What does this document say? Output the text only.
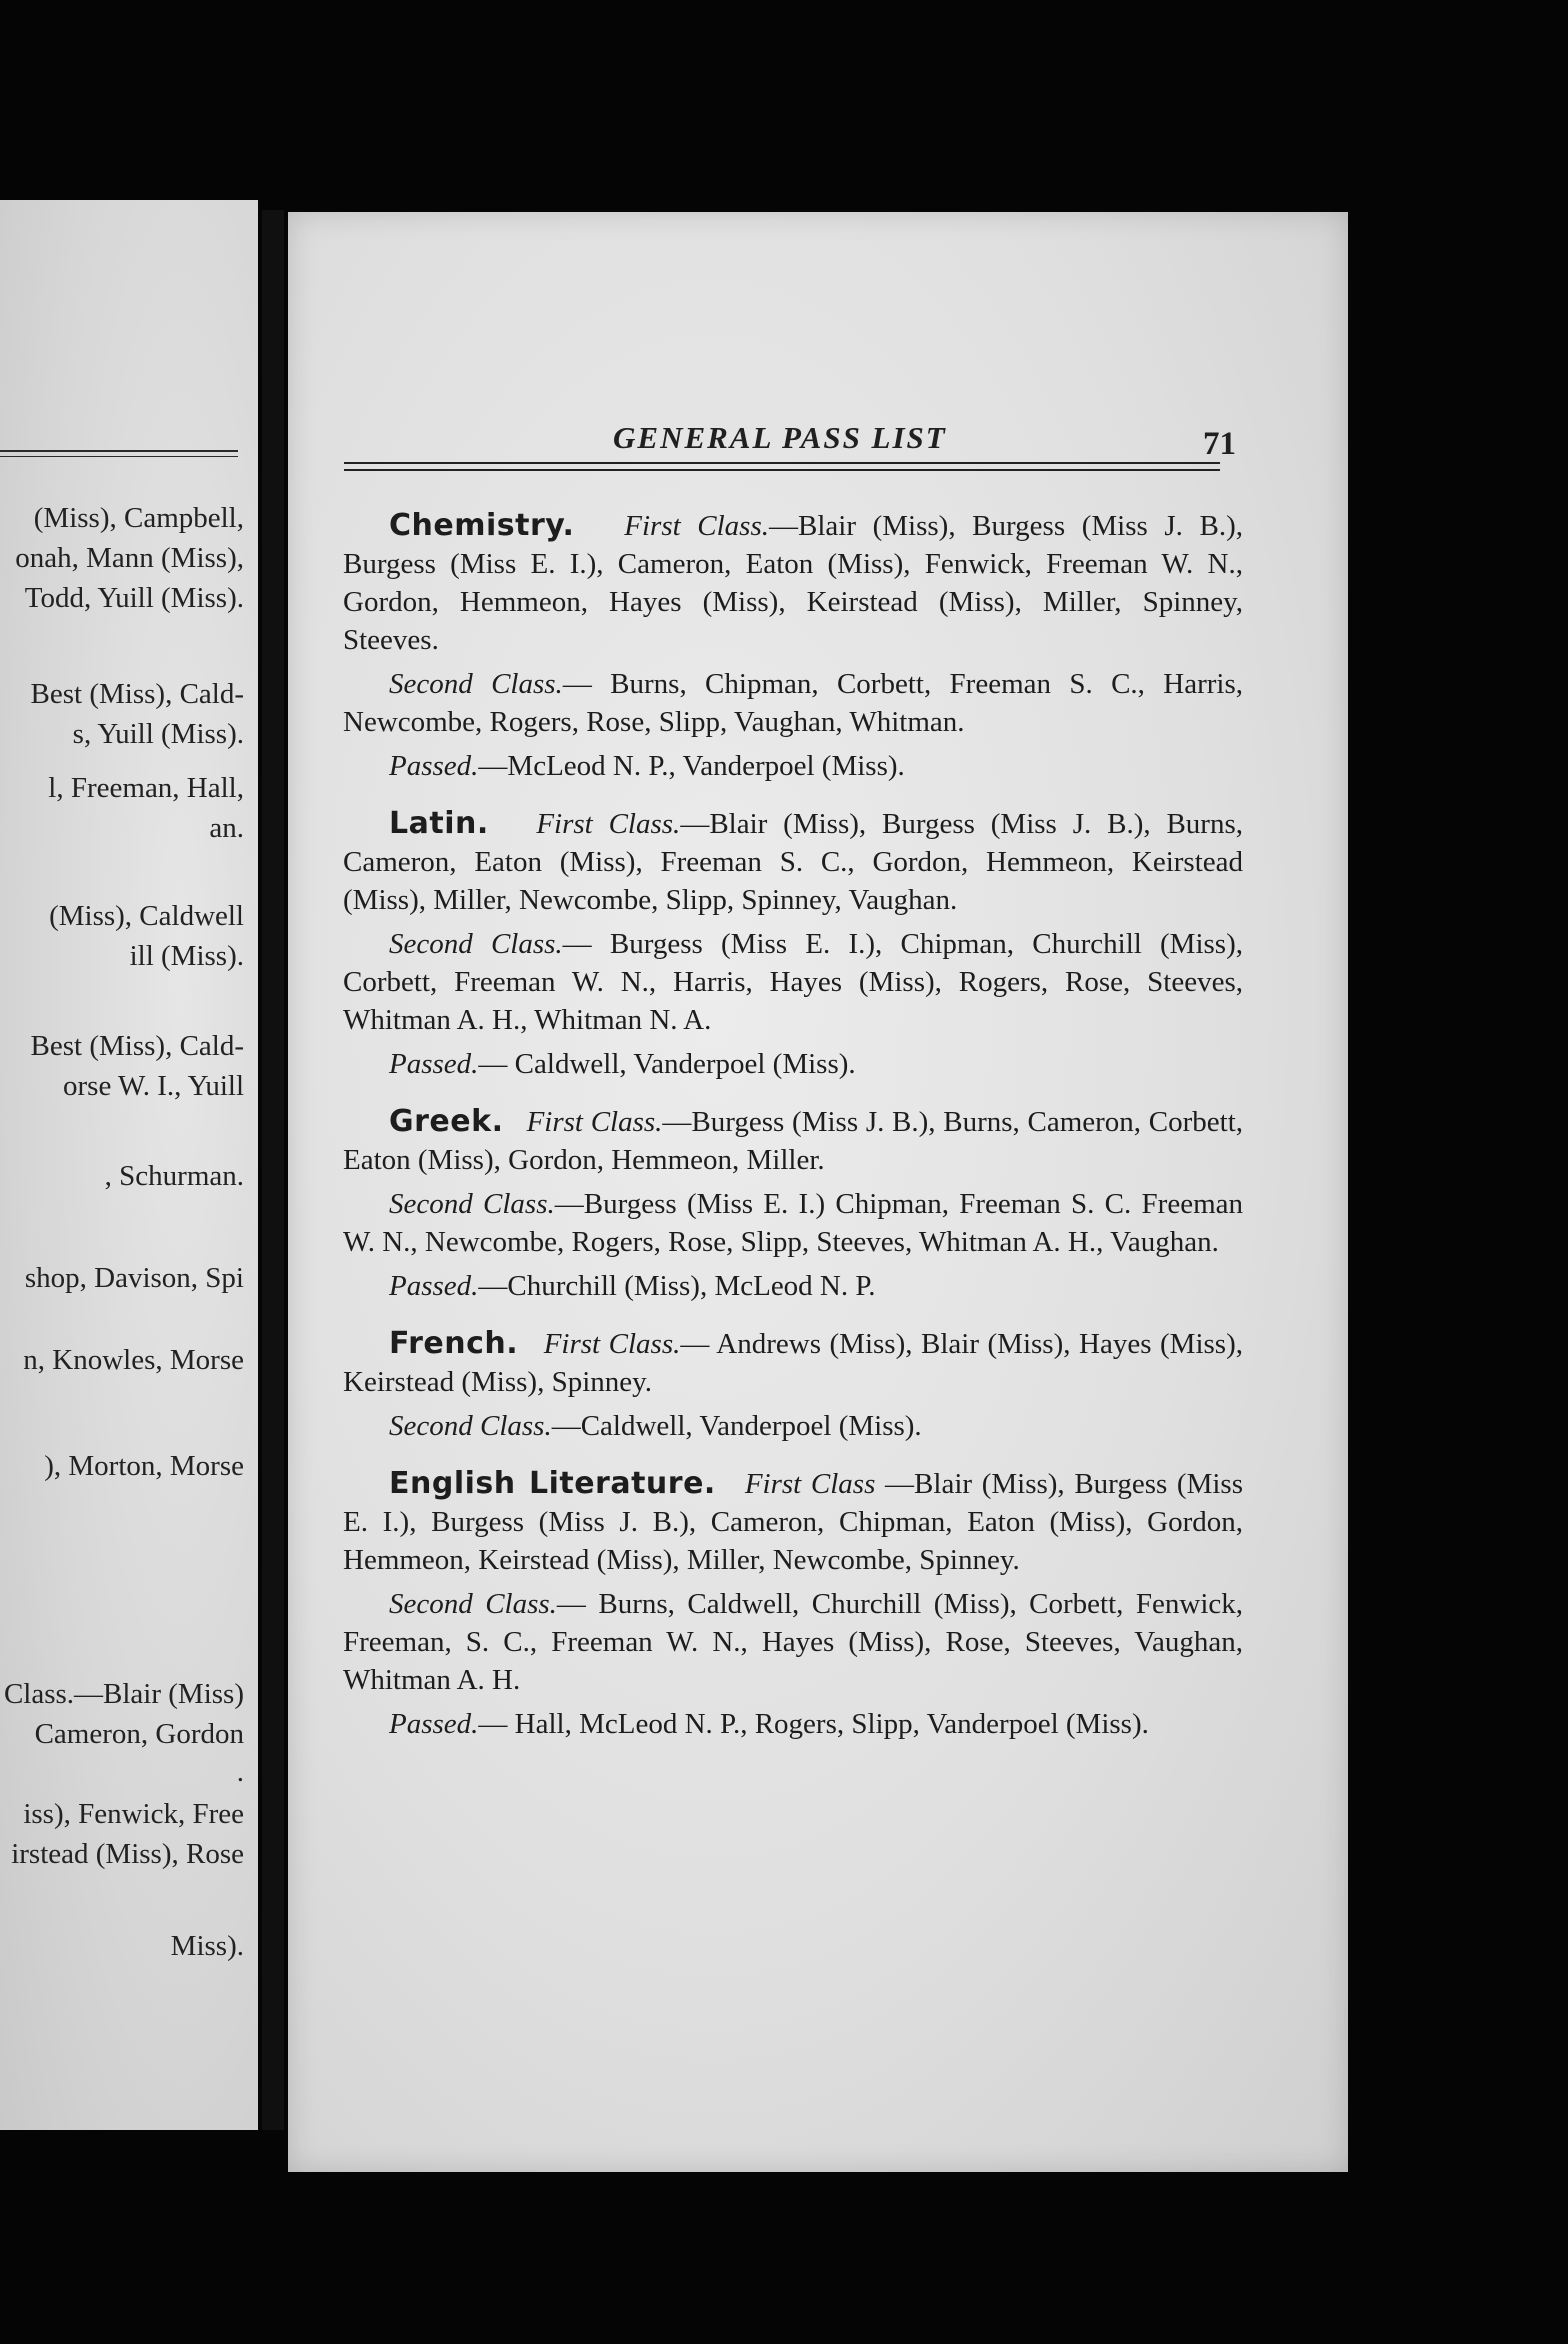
(Miss), Campbell,
onah, Mann (Miss),
Todd, Yuill (Miss).
Best (Miss), Cald-
s, Yuill (Miss).
l, Freeman, Hall,
an.
(Miss), Caldwell
ill (Miss).
Best (Miss), Cald-
orse W. I., Yuill
, Schurman.
shop, Davison, Spi
n, Knowles, Morse
), Morton, Morse
Class.—Blair (Miss)
Cameron, Gordon
.
iss), Fenwick, Free
irstead (Miss), Rose
Miss).
GENERAL PASS LIST	71

Chemistry. First Class.—Blair (Miss), Burgess (Miss J. B.), Burgess (Miss E. I.), Cameron, Eaton (Miss), Fenwick, Freeman W. N., Gordon, Hemmeon, Hayes (Miss), Keirstead (Miss), Miller, Spinney, Steeves.

Second Class.— Burns, Chipman, Corbett, Freeman S. C., Harris, Newcombe, Rogers, Rose, Slipp, Vaughan, Whitman.

Passed.—McLeod N. P., Vanderpoel (Miss).

Latin. First Class.—Blair (Miss), Burgess (Miss J. B.), Burns, Cameron, Eaton (Miss), Freeman S. C., Gordon, Hemmeon, Keirstead (Miss), Miller, Newcombe, Slipp, Spinney, Vaughan.

Second Class.— Burgess (Miss E. I.), Chipman, Churchill (Miss), Corbett, Freeman W. N., Harris, Hayes (Miss), Rogers, Rose, Steeves, Whitman A. H., Whitman N. A.

Passed.— Caldwell, Vanderpoel (Miss).

Greek. First Class.—Burgess (Miss J. B.), Burns, Cameron, Corbett, Eaton (Miss), Gordon, Hemmeon, Miller.

Second Class.—Burgess (Miss E. I.) Chipman, Freeman S. C. Freeman W. N., Newcombe, Rogers, Rose, Slipp, Steeves, Whitman A. H., Vaughan.

Passed.—Churchill (Miss), McLeod N. P.

French. First Class.— Andrews (Miss), Blair (Miss), Hayes (Miss), Keirstead (Miss), Spinney.

Second Class.—Caldwell, Vanderpoel (Miss).

English Literature. First Class —Blair (Miss), Burgess (Miss E. I.), Burgess (Miss J. B.), Cameron, Chipman, Eaton (Miss), Gordon, Hemmeon, Keirstead (Miss), Miller, Newcombe, Spinney.

Second Class.— Burns, Caldwell, Churchill (Miss), Corbett, Fenwick, Freeman, S. C., Freeman W. N., Hayes (Miss), Rose, Steeves, Vaughan, Whitman A. H.

Passed.— Hall, McLeod N. P., Rogers, Slipp, Vanderpoel (Miss).
